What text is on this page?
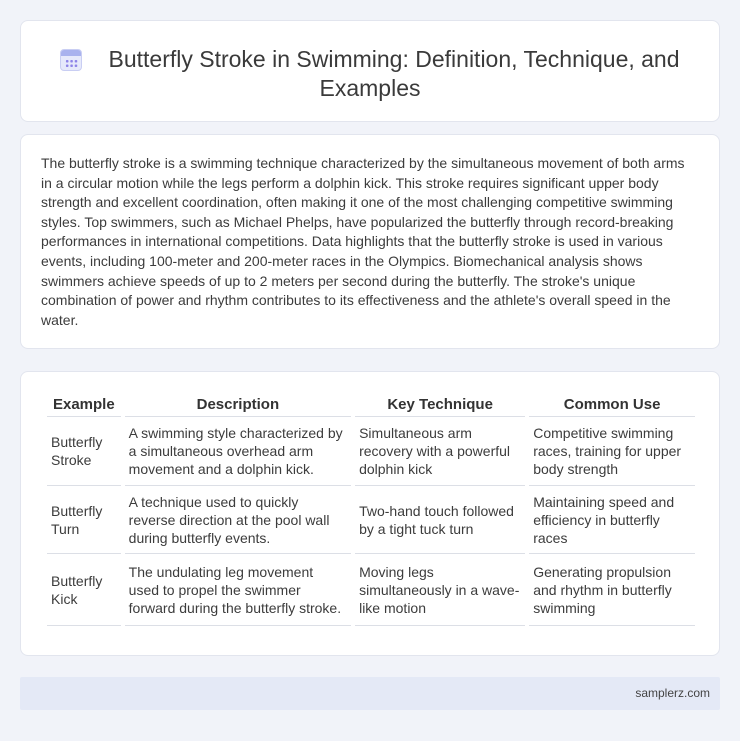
Butterfly Stroke in Swimming: Definition, Technique, and Examples

The butterfly stroke is a swimming technique characterized by the simultaneous movement of both arms in a circular motion while the legs perform a dolphin kick. This stroke requires significant upper body strength and excellent coordination, often making it one of the most challenging competitive swimming styles. Top swimmers, such as Michael Phelps, have popularized the butterfly through record-breaking performances in international competitions. Data highlights that the butterfly stroke is used in various events, including 100-meter and 200-meter races in the Olympics. Biomechanical analysis shows swimmers achieve speeds of up to 2 meters per second during the butterfly. The stroke's unique combination of power and rhythm contributes to its effectiveness and the athlete's overall speed in the water.

Example	Description	Key Technique	Common Use
Butterfly Stroke	A swimming style characterized by a simultaneous overhead arm movement and a dolphin kick.	Simultaneous arm recovery with a powerful dolphin kick	Competitive swimming races, training for upper body strength
Butterfly Turn	A technique used to quickly reverse direction at the pool wall during butterfly events.	Two-hand touch followed by a tight tuck turn	Maintaining speed and efficiency in butterfly races
Butterfly Kick	The undulating leg movement used to propel the swimmer forward during the butterfly stroke.	Moving legs simultaneously in a wave-like motion	Generating propulsion and rhythm in butterfly swimming
samplerz.com
